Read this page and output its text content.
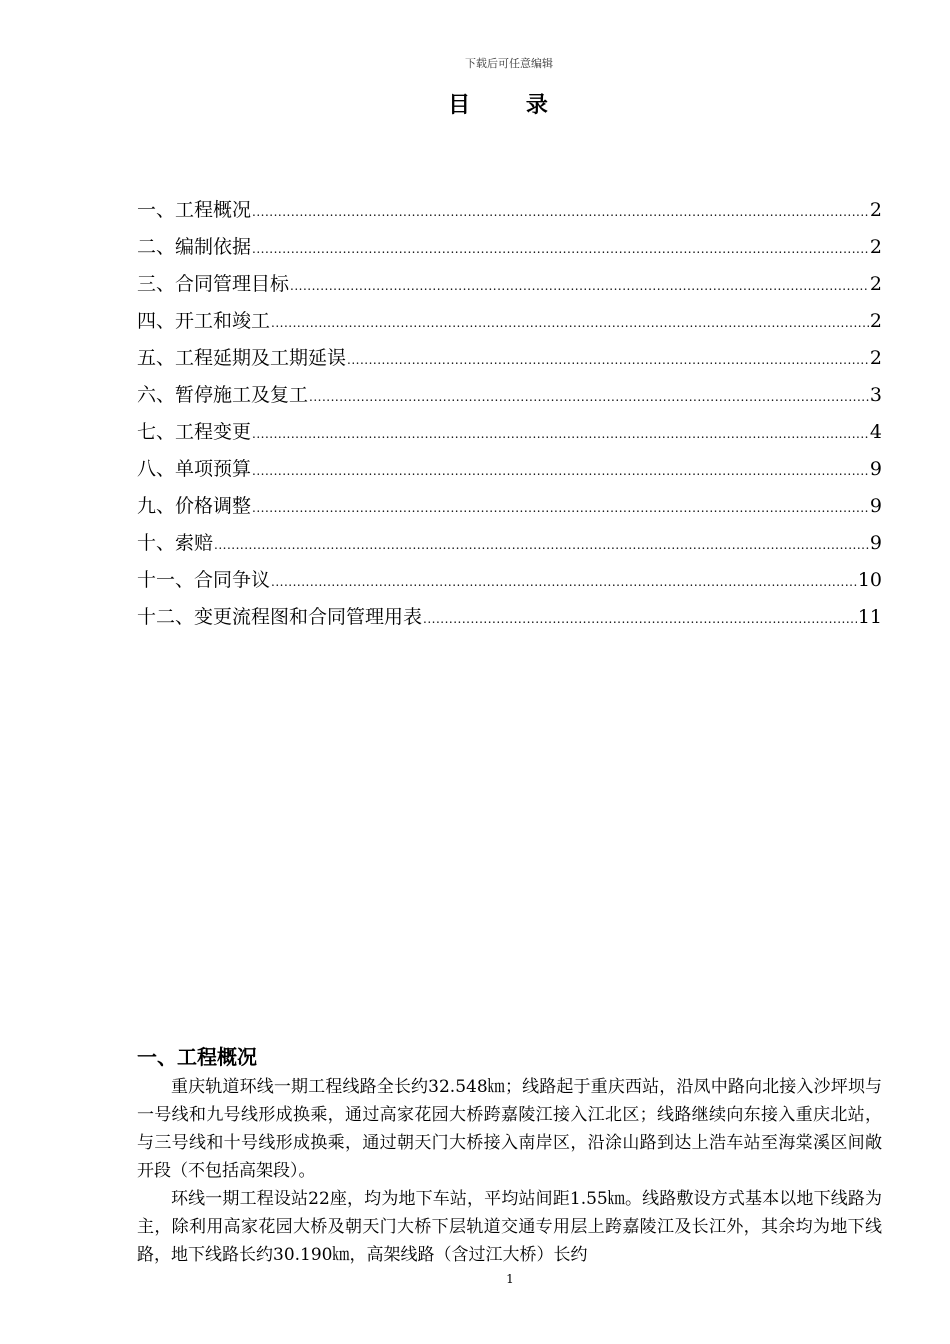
下载后可任意编辑
目 录
一、工程概况 .....	2
二、编制依据 .....	2
三、合同管理目标 .....	2
四、开工和竣工 .....	2
五、工程延期及工期延误 .....	2
六、暂停施工及复工 .....	3
七、工程变更 .....	4
八、单项预算 .....	9
九、价格调整 .....	9
十、索赔 .....	9
十一、合同争议 .....	10
十二、变更流程图和合同管理用表 .....	11
一、工程概况

重庆轨道环线一期工程线路全长约32.548㎞；线路起于重庆西站，沿凤中路向北接入沙坪坝与一号线和九号线形成换乘，通过高家花园大桥跨嘉陵江接入江北区；线路继续向东接入重庆北站，与三号线和十号线形成换乘，通过朝天门大桥接入南岸区，沿涂山路到达上浩车站至海棠溪区间敞开段（不包括高架段）。

环线一期工程设站22座，均为地下车站，平均站间距1.55㎞。线路敷设方式基本以地下线路为主，除利用高家花园大桥及朝天门大桥下层轨道交通专用层上跨嘉陵江及长江外，其余均为地下线路，地下线路长约30.190㎞，高架线路（含过江大桥）长约

1
